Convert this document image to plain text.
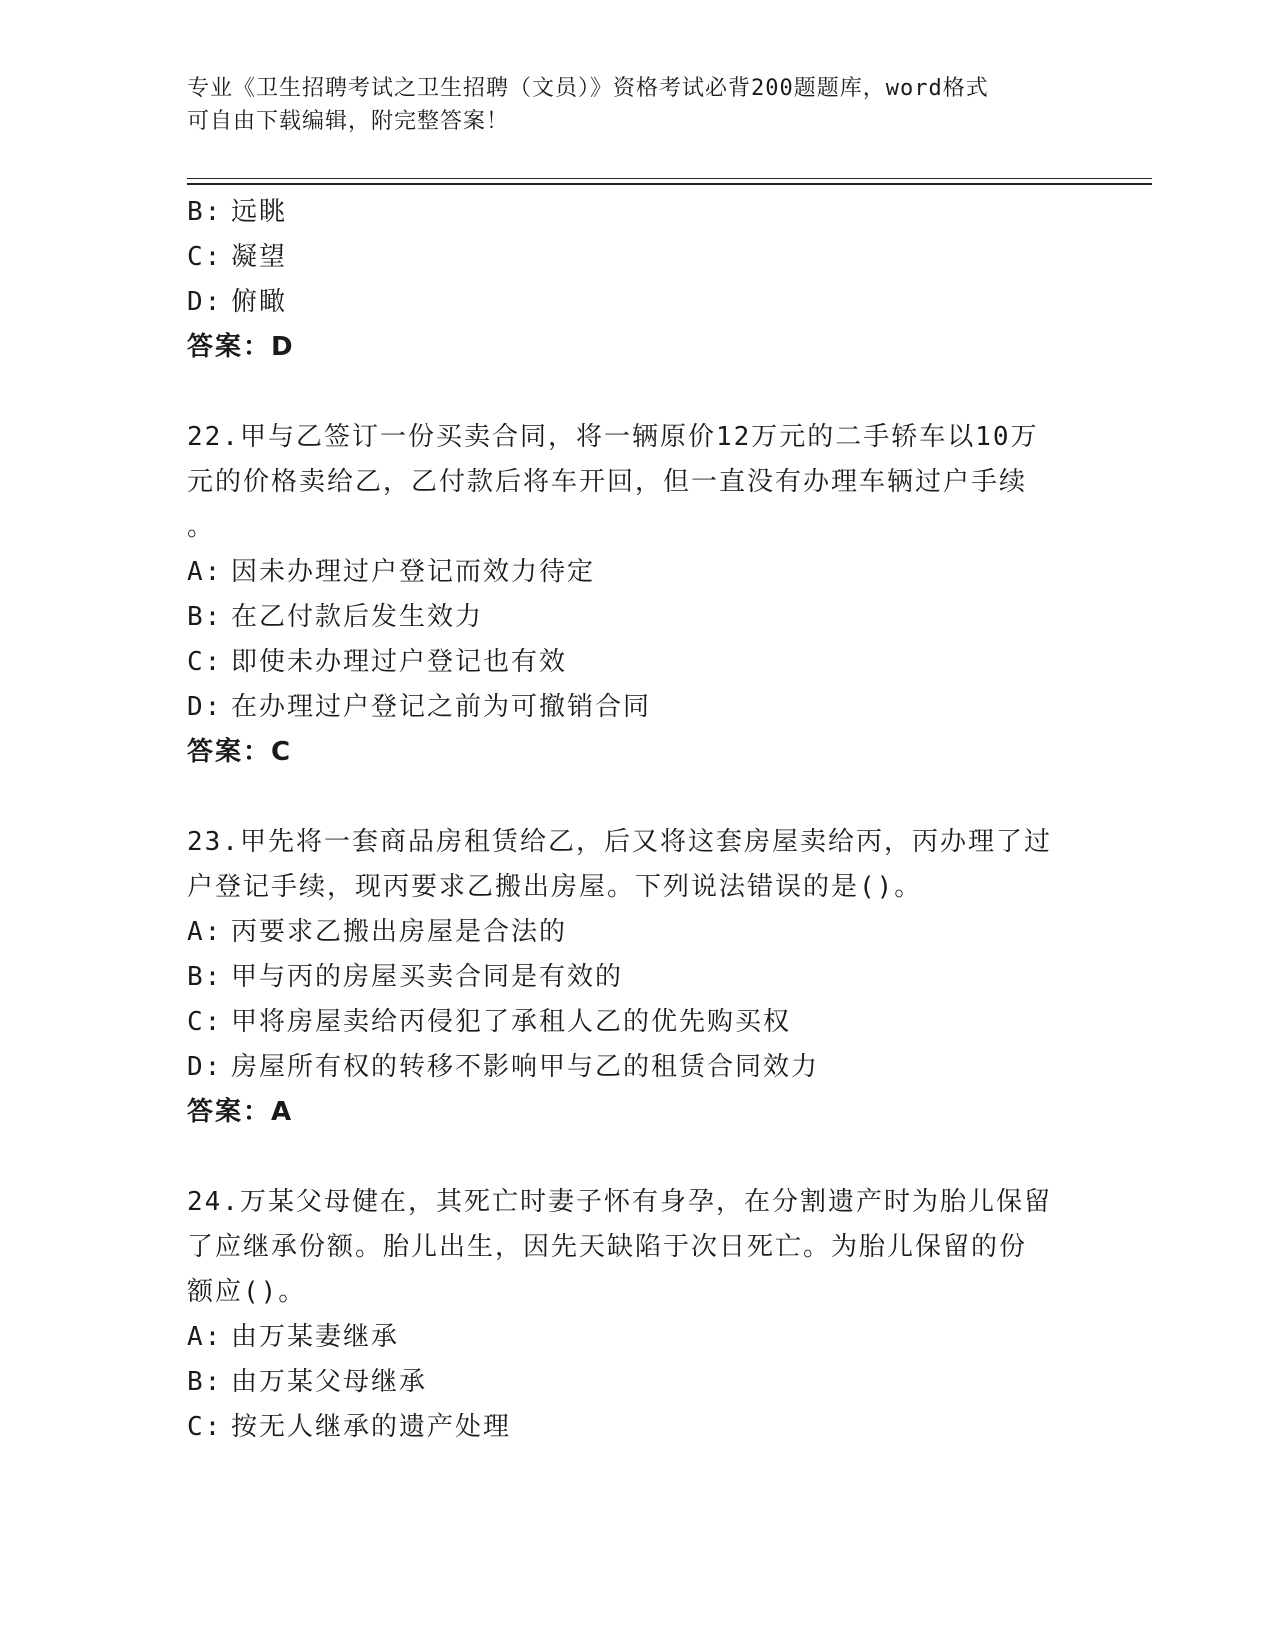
专业《卫生招聘考试之卫生招聘（文员）》资格考试必背200题题库，word格式
可自由下载编辑，附完整答案！
B: 远眺
C: 凝望
D: 俯瞰
答案：D
22.甲与乙签订一份买卖合同，将一辆原价12万元的二手轿车以10万
元的价格卖给乙，乙付款后将车开回，但一直没有办理车辆过户手续
。
A: 因未办理过户登记而效力待定
B: 在乙付款后发生效力
C: 即使未办理过户登记也有效
D: 在办理过户登记之前为可撤销合同
答案：C
23.甲先将一套商品房租赁给乙，后又将这套房屋卖给丙，丙办理了过
户登记手续，现丙要求乙搬出房屋。下列说法错误的是()。
A: 丙要求乙搬出房屋是合法的
B: 甲与丙的房屋买卖合同是有效的
C: 甲将房屋卖给丙侵犯了承租人乙的优先购买权
D: 房屋所有权的转移不影响甲与乙的租赁合同效力
答案：A
24.万某父母健在，其死亡时妻子怀有身孕，在分割遗产时为胎儿保留
了应继承份额。胎儿出生，因先天缺陷于次日死亡。为胎儿保留的份
额应()。
A: 由万某妻继承
B: 由万某父母继承
C: 按无人继承的遗产处理
